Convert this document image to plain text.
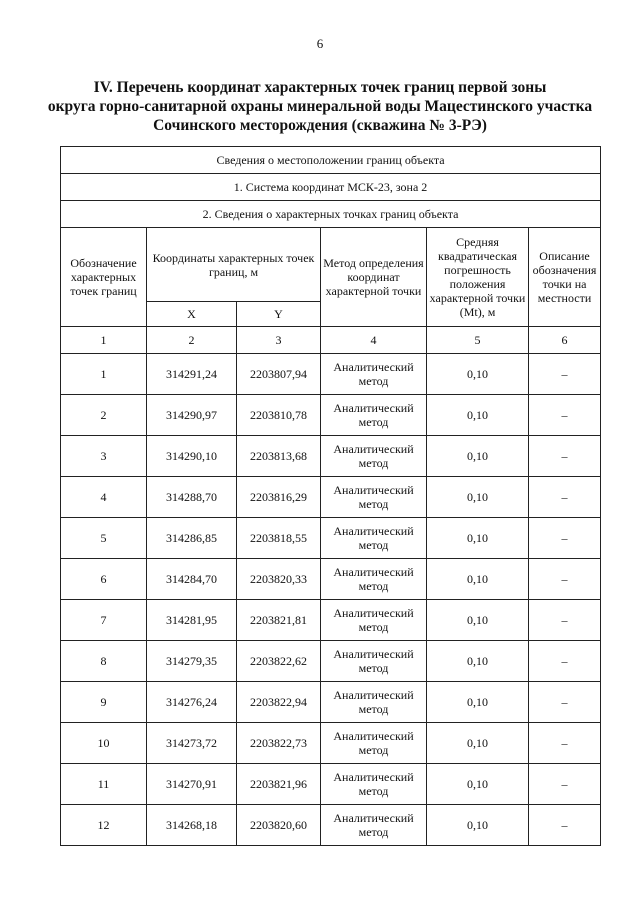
6
IV. Перечень координат характерных точек границ первой зоны
округа горно-санитарной охраны минеральной воды Мацестинского участка
Сочинского месторождения (скважина № 3-РЭ)
Сведения о местоположении границ объекта					
1. Система координат МСК-23, зона 2					
2. Сведения о характерных точках границ объекта					
Обозначение характерных точек границ	Координаты характерных точек границ, м		Метод определения координат характерной точки	Средняя квадратическая погрешность положения характерной точки (Mt), м	Описание обозначения точки на местности
	X	Y			
1	2	3	4	5	6
1	314291,24	2203807,94	Аналитический метод	0,10	–
2	314290,97	2203810,78	Аналитический метод	0,10	–
3	314290,10	2203813,68	Аналитический метод	0,10	–
4	314288,70	2203816,29	Аналитический метод	0,10	–
5	314286,85	2203818,55	Аналитический метод	0,10	–
6	314284,70	2203820,33	Аналитический метод	0,10	–
7	314281,95	2203821,81	Аналитический метод	0,10	–
8	314279,35	2203822,62	Аналитический метод	0,10	–
9	314276,24	2203822,94	Аналитический метод	0,10	–
10	314273,72	2203822,73	Аналитический метод	0,10	–
11	314270,91	2203821,96	Аналитический метод	0,10	–
12	314268,18	2203820,60	Аналитический метод	0,10	–
